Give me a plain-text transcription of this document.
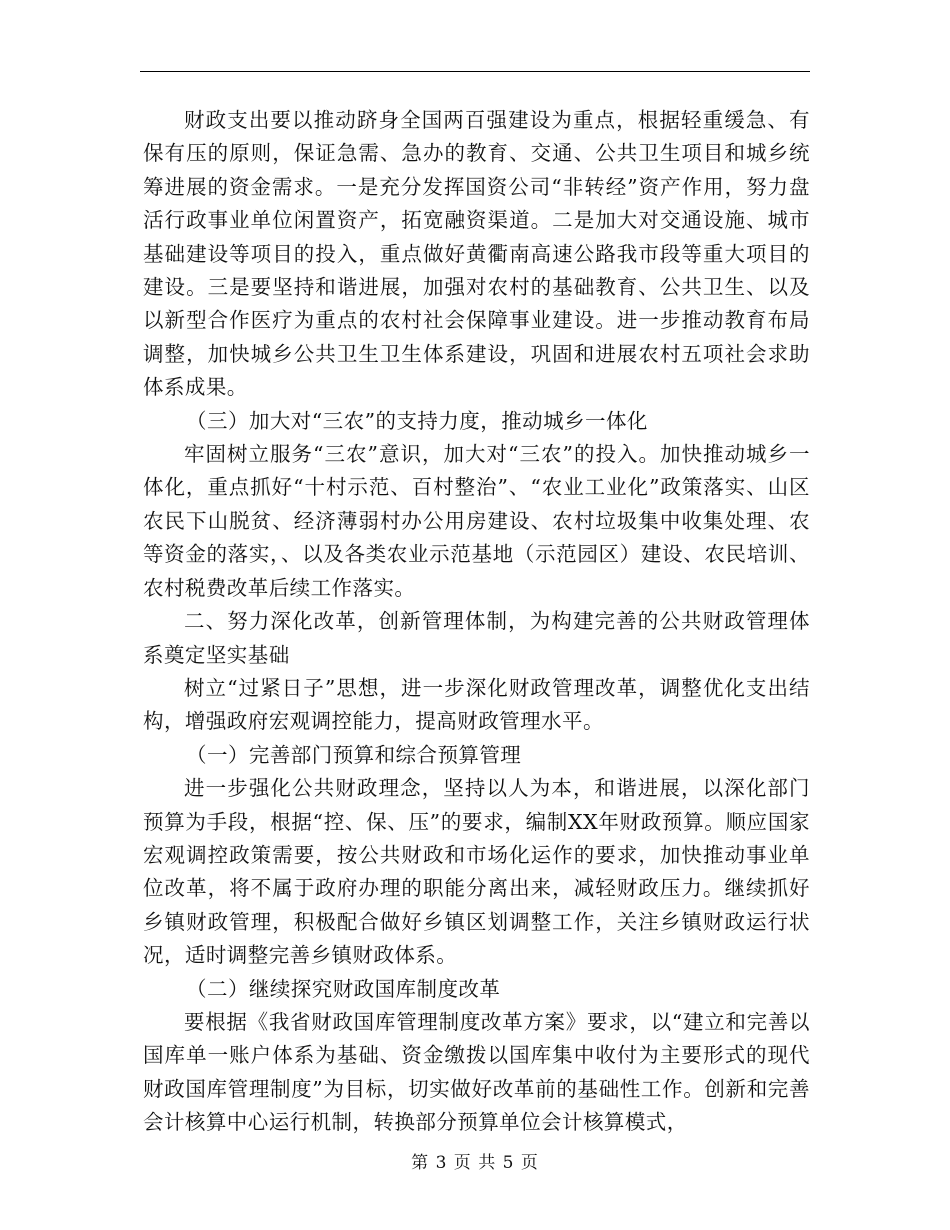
财政支出要以推动跻身全国两百强建设为重点，根据轻重缓急、有保有压的原则，保证急需、急办的教育、交通、公共卫生项目和城乡统筹进展的资金需求。一是充分发挥国资公司“非转经”资产作用，努力盘活行政事业单位闲置资产，拓宽融资渠道。二是加大对交通设施、城市基础建设等项目的投入，重点做好黄衢南高速公路我市段等重大项目的建设。三是要坚持和谐进展，加强对农村的基础教育、公共卫生、以及以新型合作医疗为重点的农村社会保障事业建设。进一步推动教育布局调整，加快城乡公共卫生卫生体系建设，巩固和进展农村五项社会求助体系成果。

（三）加大对“三农”的支持力度，推动城乡一体化

牢固树立服务“三农”意识，加大对“三农”的投入。加快推动城乡一体化，重点抓好“十村示范、百村整治”、“农业工业化”政策落实、山区农民下山脱贫、经济薄弱村办公用房建设、农村垃圾集中收集处理、农等资金的落实，、以及各类农业示范基地（示范园区）建设、农民培训、农村税费改革后续工作落实。

二、努力深化改革，创新管理体制，为构建完善的公共财政管理体系奠定坚实基础

树立“过紧日子”思想，进一步深化财政管理改革，调整优化支出结构，增强政府宏观调控能力，提高财政管理水平。

（一）完善部门预算和综合预算管理

进一步强化公共财政理念，坚持以人为本，和谐进展，以深化部门预算为手段，根据“控、保、压”的要求，编制XX年财政预算。顺应国家宏观调控政策需要，按公共财政和市场化运作的要求，加快推动事业单位改革，将不属于政府办理的职能分离出来，减轻财政压力。继续抓好乡镇财政管理，积极配合做好乡镇区划调整工作，关注乡镇财政运行状况，适时调整完善乡镇财政体系。

（二）继续探究财政国库制度改革

要根据《我省财政国库管理制度改革方案》要求，以“建立和完善以国库单一账户体系为基础、资金缴拨以国库集中收付为主要形式的现代财政国库管理制度”为目标，切实做好改革前的基础性工作。创新和完善会计核算中心运行机制，转换部分预算单位会计核算模式，

第 3 页 共 5 页
